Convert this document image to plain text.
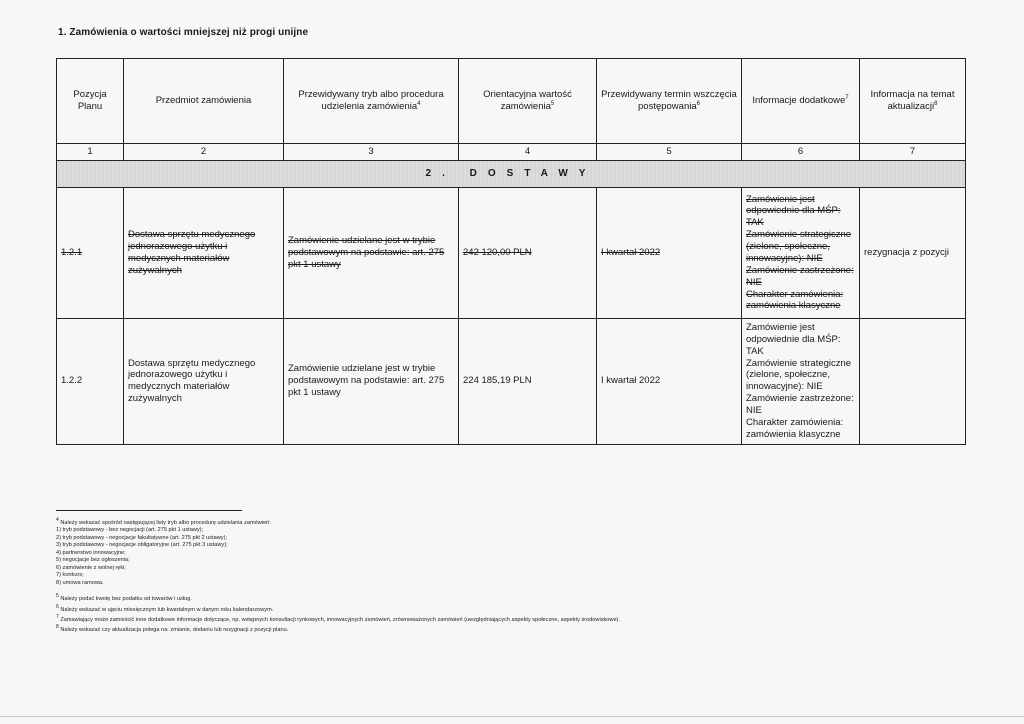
1. Zamówienia o wartości mniejszej niż progi unijne
Pozycja Planu	Przedmiot zamówienia	Przewidywany tryb albo procedura udzielenia zamówienia$^4$	Orientacyjna wartość zamówienia$^5$	Przewidywany termin wszczęcia postępowania$^6$	Informacje dodatkowe$^7$	Informacja na temat aktualizacji$^8$
1	2	3	4	5	6	7
2. DOSTAWY						
1.2.1	Dostawa sprzętu medycznego jednorazowego użytku i medycznych materiałów zużywalnych	Zamówienie udzielane jest w trybie podstawowym na podstawie: art. 275 pkt 1 ustawy	242 120,00 PLN	I kwartał 2022	Zamówienie jest odpowiednie dla MŚP: TAK
Zamówienie strategiczne (zielone, społeczne, innowacyjne): NIE
Zamówienie zastrzeżone: NIE
Charakter zamówienia: zamówienia klasyczne	rezygnacja z pozycji
1.2.2	Dostawa sprzętu medycznego jednorazowego użytku i medycznych materiałów zużywalnych	Zamówienie udzielane jest w trybie podstawowym na podstawie: art. 275 pkt 1 ustawy	224 185,19 PLN	I kwartał 2022	Zamówienie jest odpowiednie dla MŚP: TAK
Zamówienie strategiczne (zielone, społeczne, innowacyjne): NIE
Zamówienie zastrzeżone: NIE
Charakter zamówienia: zamówienia klasyczne	

$^4$ Należy wskazać spośród następującej listy tryb albo procedurę udzielania zamówień:
1) tryb podstawowy - bez negocjacji (art. 275 pkt 1 ustawy);
2) tryb podstawowy - negocjacje fakultatywne (art. 275 pkt 2 ustawy);
3) tryb podstawowy - negocjacje obligatoryjne (art. 275 pkt 3 ustawy);
4) partnerstwo innowacyjne;
5) negocjacje bez ogłoszenia;
6) zamówienie z wolnej ręki;
7) konkurs;
8) umowa ramowa.
$^5$ Należy podać kwotę bez podatku od towarów i usług.
$^6$ Należy wskazać w ujęciu miesięcznym lub kwartalnym w danym roku kalendarzowym.
$^7$ Zamawiający może zamieścić inne dodatkowe informacje dotyczące, np. wstępnych konsultacji rynkowych, innowacyjnych zamówień, zrównoważonych zamówień (uwzględniających aspekty społeczne, aspekty środowiskowe).
$^8$ Należy wskazać czy aktualizacja polega na: zmianie, dodaniu lub rezygnacji z pozycji planu.
